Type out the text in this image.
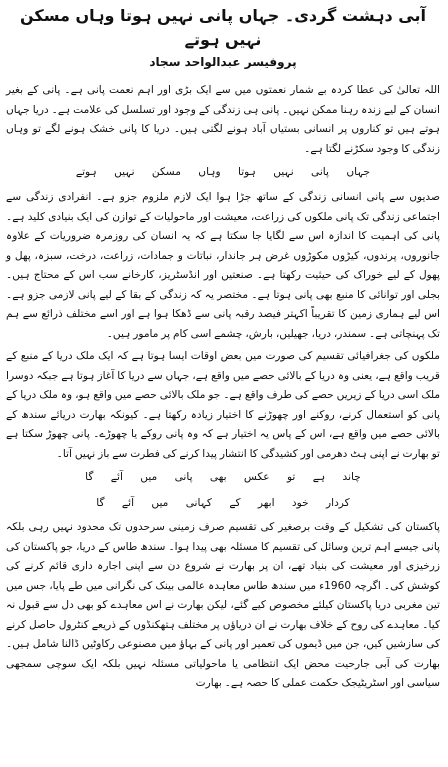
آبی دہشت گردی۔ جہاں پانی نہیں ہوتا وہاں مسکن نہیں ہوتے
پروفیسر عبدالواحد سجاد

اللہ تعالیٰ کی عطا کردہ بے شمار نعمتوں میں سے ایک بڑی اور اہم نعمت پانی ہے۔ پانی کے بغیر انسان کے لیے زندہ رہنا ممکن نہیں۔ پانی ہی زندگی کے وجود اور تسلسل کی علامت ہے۔ دریا جہاں ہوتے ہیں تو کناروں پر انسانی بستیاں آباد ہونے لگتی ہیں۔ دریا کا پانی خشک ہونے لگے تو وہاں زندگی کا وجود سکڑنے لگتا ہے۔

جہاں پانی نہیں ہوتا وہاں مسکن نہیں ہوتے

صدیوں سے پانی انسانی زندگی کے ساتھ جڑا ہوا ایک لازم ملزوم جزو ہے۔ انفرادی زندگی سے اجتماعی زندگی تک پانی ملکوں کی زراعت، معیشت اور ماحولیات کے توازن کی ایک بنیادی کلید ہے۔ پانی کی اہمیت کا اندازہ اس سے لگایا جا سکتا ہے کہ یہ انسان کی روزمرہ ضروریات کے علاوہ جانوروں، پرندوں، کیڑوں مکوڑوں غرض ہر جاندار، نباتات و جمادات، زراعت، درخت، سبزہ، پھل و پھول کے لیے خوراک کی حیثیت رکھتا ہے۔ صنعتیں اور انڈسٹریز، کارخانے سب اس کے محتاج ہیں۔ بجلی اور توانائی کا منبع بھی پانی ہوتا ہے۔ مختصر یہ کہ زندگی کے بقا کے لیے پانی لازمی جزو ہے۔ اس لیے ہماری زمین کا تقریباً اکہتر فیصد رقبہ پانی سے ڈھکا ہوا ہے اور اسے مختلف ذرائع سے ہم تک پہنچاتی ہے۔ سمندر، دریا، جھیلیں، بارش، چشمے اسی کام پر مامور ہیں۔

ملکوں کی جغرافیائی تقسیم کی صورت میں بعض اوقات ایسا ہوتا ہے کہ ایک ملک دریا کے منبع کے قریب واقع ہے، یعنی وہ دریا کے بالائی حصے میں واقع ہے، جہاں سے دریا کا آغاز ہوتا ہے جبکہ دوسرا ملک اسی دریا کے زیریں حصے کی طرف واقع ہے۔ جو ملک بالائی حصے میں واقع ہو، وہ ملک دریا کے پانی کو استعمال کرنے، روکنے اور چھوڑنے کا اختیار زیادہ رکھتا ہے۔ کیونکہ بھارت دریائے سندھ کے بالائی حصے میں واقع ہے، اس کے پاس یہ اختیار ہے کہ وہ پانی روکے یا چھوڑے۔ پانی چھوڑ سکتا ہے تو بھارت نے اپنی ہٹ دھرمی اور کشیدگی کا انتشار پیدا کرنے کی فطرت سے باز نہیں آتا۔

چاند ہے تو عکس بھی پانی میں آئے گا
کردار خود ابھر کے کہانی میں آئے گا

پاکستان کی تشکیل کے وقت برصغیر کی تقسیم صرف زمینی سرحدوں تک محدود نہیں رہی بلکہ پانی جیسے اہم ترین وسائل کی تقسیم کا مسئلہ بھی پیدا ہوا۔ سندھ طاس کے دریا، جو پاکستان کی زرخیزی اور معیشت کی بنیاد تھے، ان پر بھارت نے شروع دن سے اپنی اجارہ داری قائم کرنے کی کوشش کی۔ اگرچہ 1960ء میں سندھ طاس معاہدہ عالمی بینک کی نگرانی میں طے پایا، جس میں تین مغربی دریا پاکستان کیلئے مخصوص کیے گئے، لیکن بھارت نے اس معاہدے کو بھی دل سے قبول نہ کیا۔ معاہدے کی روح کے خلاف بھارت نے ان دریاؤں پر مختلف ہتھکنڈوں کے ذریعے کنٹرول حاصل کرنے کی سازشیں کیں، جن میں ڈیموں کی تعمیر اور پانی کے بہاؤ میں مصنوعی رکاوٹیں ڈالنا شامل ہیں۔ بھارت کی آبی جارحیت محض ایک انتظامی یا ماحولیاتی مسئلہ نہیں بلکہ ایک سوچی سمجھی سیاسی اور اسٹریٹیجک حکمت عملی کا حصہ ہے۔ بھارت
